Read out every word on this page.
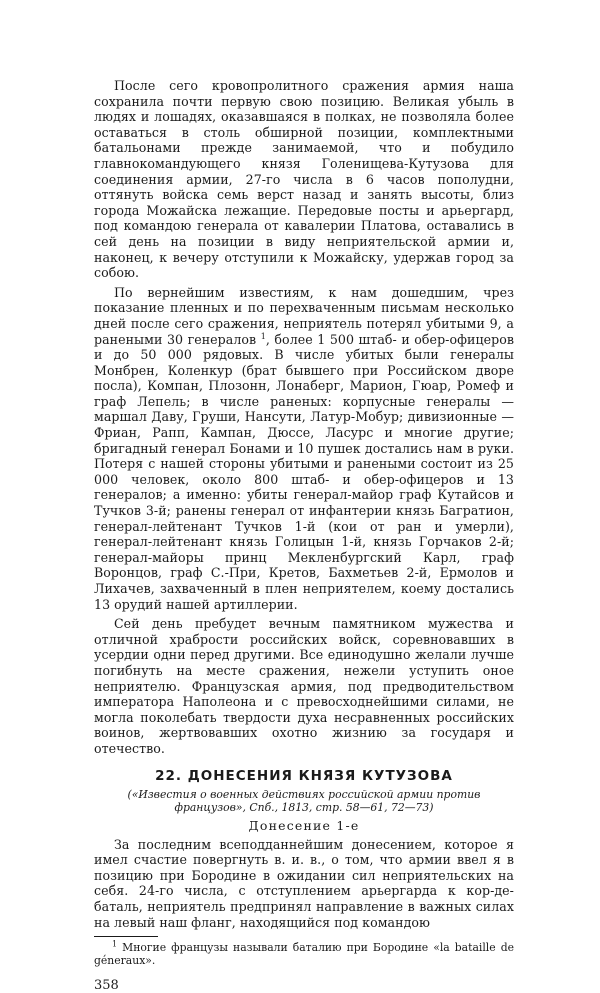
После сего кровопролитного сражения армия наша сохранила почти первую свою позицию. Великая убыль в людях и лошадях, оказавшаяся в полках, не позволяла более оставаться в столь обширной позиции, комплектными батальонами прежде занимаемой, что и побудило главнокомандующего князя Голенищева-Кутузова для соединения армии, 27-го числа в 6 часов пополудни, оттянуть войска семь верст назад и занять высоты, близ города Можайска лежащие. Передовые посты и арьергард, под командою генерала от кавалерии Платова, оставались в сей день на позиции в виду неприятельской армии и, наконец, к вечеру отступили к Можайску, удержав город за собою.

По вернейшим известиям, к нам дошедшим, чрез показание пленных и по перехваченным письмам несколько дней после сего сражения, неприятель потерял убитыми 9, а ранеными 30 генералов $^1$, более 1 500 штаб- и обер-офицеров и до 50 000 рядовых. В числе убитых были генералы Монбрен, Коленкур (брат бывшего при Российском дворе посла), Компан, Плозонн, Лонаберг, Марион, Гюар, Ромеф и граф Лепель; в числе раненых: корпусные генералы — маршал Даву, Груши, Нансути, Латур-Мобур; дивизионные — Фриан, Рапп, Кампан, Дюссе, Ласурс и многие другие; бригадный генерал Бонами и 10 пушек достались нам в руки. Потеря с нашей стороны убитыми и ранеными состоит из 25 000 человек, около 800 штаб- и обер-офицеров и 13 генералов; а именно: убиты генерал-майор граф Кутайсов и Тучков 3-й; ранены генерал от инфантерии князь Багратион, генерал-лейтенант Тучков 1-й (кои от ран и умерли), генерал-лейтенант князь Голицын 1-й, князь Горчаков 2-й; генерал-майоры принц Мекленбургский Карл, граф Воронцов, граф С.-При, Кретов, Бахметьев 2-й, Ермолов и Лихачев, захваченный в плен неприятелем, коему достались 13 орудий нашей артиллерии.

Сей день пребудет вечным памятником мужества и отличной храбрости российских войск, соревновавших в усердии одни перед другими. Все единодушно желали лучше погибнуть на месте сражения, нежели уступить оное неприятелю. Французская армия, под предводительством императора Наполеона и с превосходнейшими силами, не могла поколебать твердости духа несравненных российских воинов, жертвовавших охотно жизнию за государя и отечество.

22. ДОНЕСЕНИЯ КНЯЗЯ КУТУЗОВА
(«Известия о военных действиях российской армии против французов», Спб., 1813, стр. 58—61, 72—73)
Донесение 1-е

За последним всеподданнейшим донесением, которое я имел счастие повергнуть в. и. в., о том, что армии ввел я в позицию при Бородине в ожидании сил неприятельских на себя. 24-го числа, с отступлением арьергарда к кор-де-баталь, неприятель предпринял направление в важных силах на левый наш фланг, находящийся под командою

$^1$ Многие французы называли баталию при Бородине «la bataille de géneraux».

358
